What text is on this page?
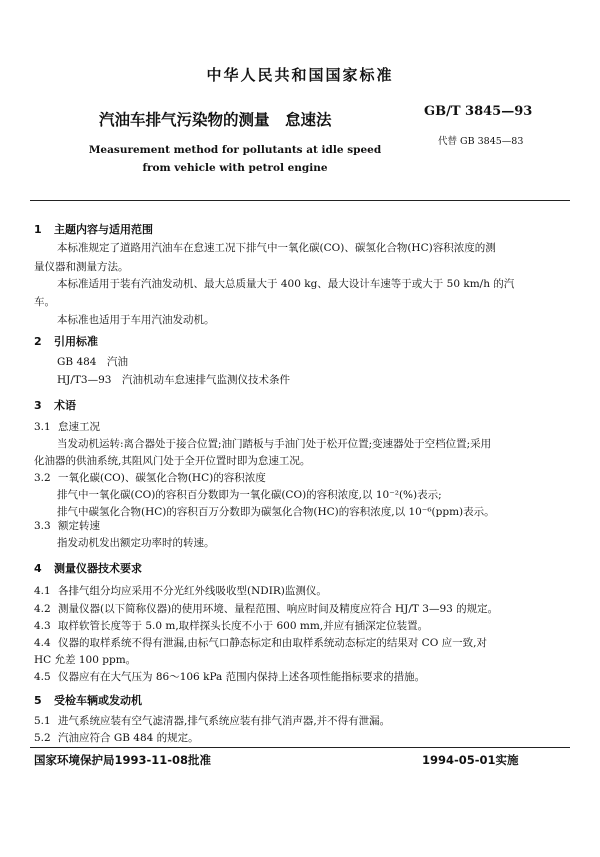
中华人民共和国国家标准
汽油车排气污染物的测量　怠速法	GB/T 3845—93
代替 GB 3845—83
Measurement method for pollutants at idle speed
from vehicle with petrol engine
1 主题内容与适用范围
本标准规定了道路用汽油车在怠速工况下排气中一氧化碳(CO)、碳氢化合物(HC)容积浓度的测
量仪器和测量方法。
本标准适用于装有汽油发动机、最大总质量大于 400 kg、最大设计车速等于或大于 50 km/h 的汽
车。
本标准也适用于车用汽油发动机。
2 引用标准
GB 484　汽油
HJ/T3—93　汽油机动车怠速排气监测仪技术条件
3 术语
3.1 怠速工况
当发动机运转:离合器处于接合位置;油门踏板与手油门处于松开位置;变速器处于空档位置;采用
化油器的供油系统,其阻风门处于全开位置时即为怠速工况。
3.2 一氧化碳(CO)、碳氢化合物(HC)的容积浓度
排气中一氧化碳(CO)的容积百分数即为一氧化碳(CO)的容积浓度,以 10⁻²(%)表示;
排气中碳氢化合物(HC)的容积百万分数即为碳氢化合物(HC)的容积浓度,以 10⁻⁶(ppm)表示。
3.3 额定转速
指发动机发出额定功率时的转速。
4 测量仪器技术要求
4.1 各排气组分均应采用不分光红外线吸收型(NDIR)监测仪。
4.2 测量仪器(以下简称仪器)的使用环境、量程范围、响应时间及精度应符合 HJ/T 3—93 的规定。
4.3 取样软管长度等于 5.0 m,取样探头长度不小于 600 mm,并应有插深定位装置。
4.4 仪器的取样系统不得有泄漏,由标气口静态标定和由取样系统动态标定的结果对 CO 应一致,对
HC 允差 100 ppm。
4.5 仪器应有在大气压为 86～106 kPa 范围内保持上述各项性能指标要求的措施。
5 受检车辆或发动机
5.1 进气系统应装有空气滤清器,排气系统应装有排气消声器,并不得有泄漏。
5.2 汽油应符合 GB 484 的规定。
国家环境保护局1993-11-08批准	1994-05-01实施
